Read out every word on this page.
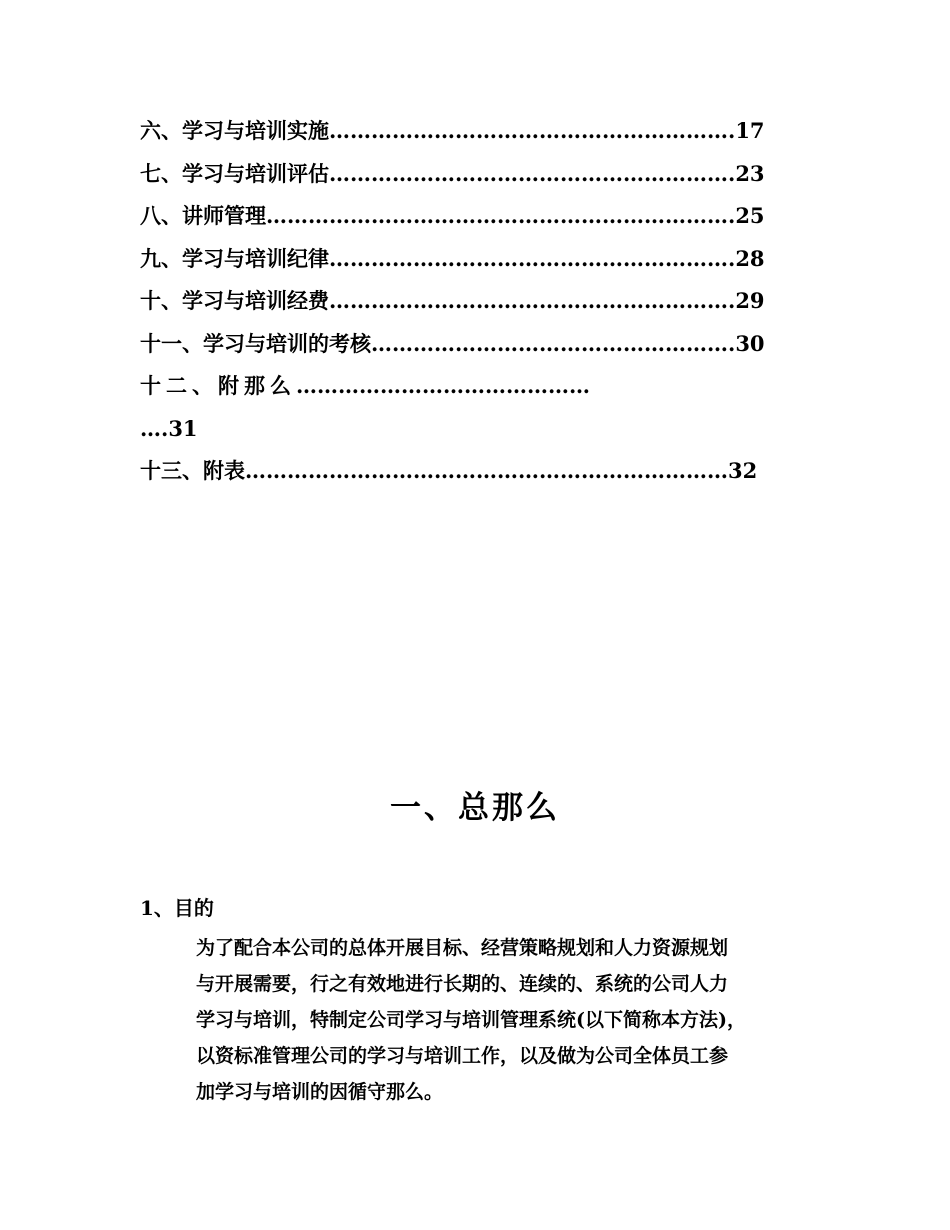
六、学习与培训实施………………………………………………….17
七、学习与培训评估………………………………………………….23
八、讲师管理………………………………………………………….25
九、学习与培训纪律………………………………………………….28
十、学习与培训经费………………………………………………….29
十一、学习与培训的考核…………………………………………….30
十二、附那么……………………………………
….31
十三、附表……………………………………………………………32
一、总那么
1、目的
为了配合本公司的总体开展目标、经营策略规划和人力资源规划
与开展需要，行之有效地进行长期的、连续的、系统的公司人力
学习与培训，特制定公司学习与培训管理系统(以下简称本方法)，
以资标准管理公司的学习与培训工作，以及做为公司全体员工参
加学习与培训的因循守那么。
